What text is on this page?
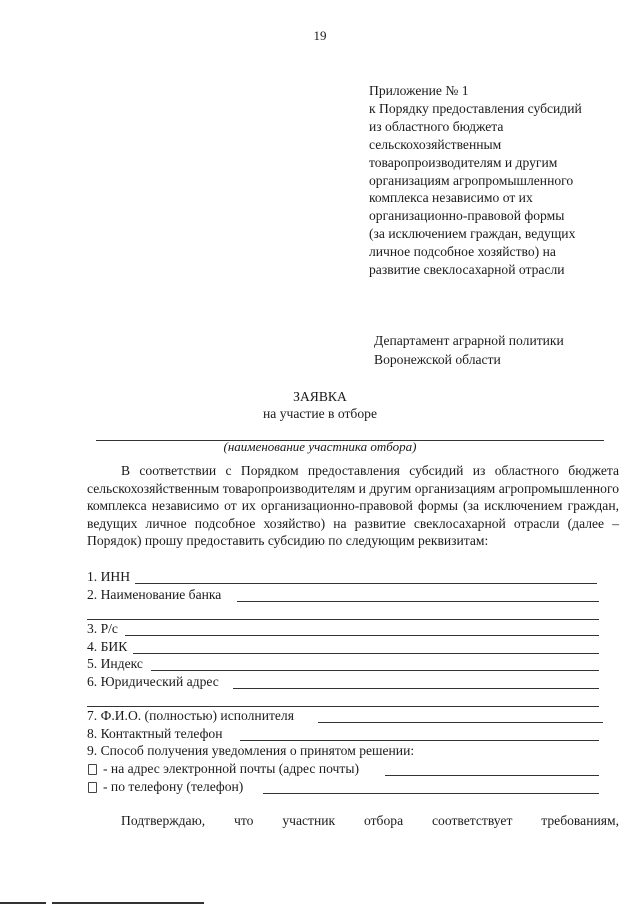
19
Приложение № 1
к Порядку предоставления субсидий
из областного бюджета
сельскохозяйственным
товаропроизводителям и другим
организациям агропромышленного
комплекса независимо от их
организационно-правовой формы
(за исключением граждан, ведущих
личное подсобное хозяйство) на
развитие свеклосахарной отрасли
Департамент аграрной политики
Воронежской области
ЗАЯВКА
на участие в отборе
(наименование участника отбора)
В соответствии с Порядком предоставления субсидий из областного бюджета сельскохозяйственным товаропроизводителям и другим организациям агропромышленного комплекса независимо от их организационно-правовой формы (за исключением граждан, ведущих личное подсобное хозяйство) на развитие свеклосахарной отрасли (далее – Порядок) прошу предоставить субсидию по следующим реквизитам:
1. ИНН
2. Наименование банка
3. Р/с
4. БИК
5. Индекс
6. Юридический адрес
7. Ф.И.О. (полностью) исполнителя
8. Контактный телефон
9. Способ получения уведомления о принятом решении:
- на адрес электронной почты (адрес почты)
- по телефону (телефон)
Подтверждаю, что участник отбора соответствует требованиям,
